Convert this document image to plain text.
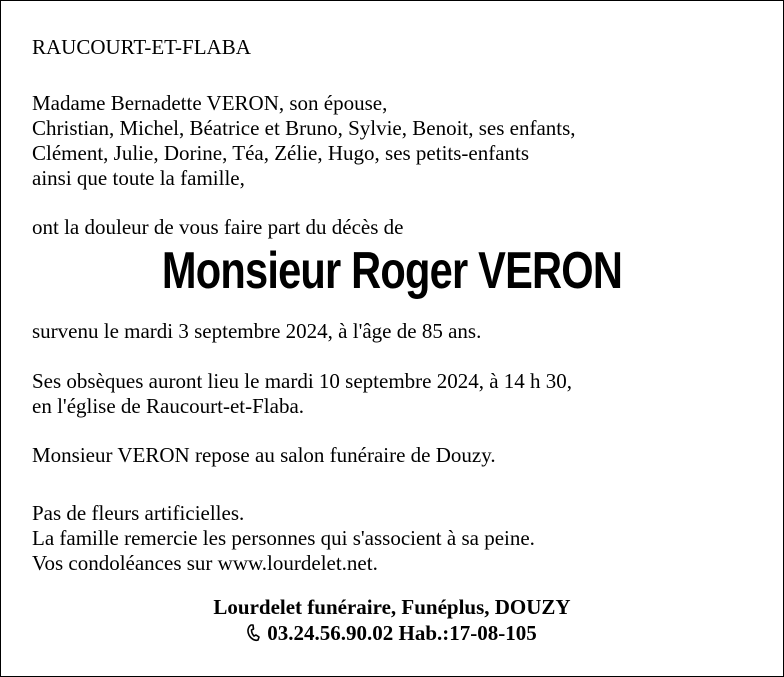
RAUCOURT-ET-FLABA
Madame Bernadette VERON, son épouse,
Christian, Michel, Béatrice et Bruno, Sylvie, Benoit, ses enfants,
Clément, Julie, Dorine, Téa, Zélie, Hugo, ses petits-enfants
ainsi que toute la famille,
ont la douleur de vous faire part du décès de
Monsieur Roger VERON
survenu le mardi 3 septembre 2024, à l'âge de 85 ans.
Ses obsèques auront lieu le mardi 10 septembre 2024, à 14 h 30,
en l'église de Raucourt-et-Flaba.
Monsieur VERON repose au salon funéraire de Douzy.
Pas de fleurs artificielles.
La famille remercie les personnes qui s'associent à sa peine.
Vos condoléances sur www.lourdelet.net.
Lourdelet funéraire, Funéplus, DOUZY
03.24.56.90.02 Hab.:17-08-105
